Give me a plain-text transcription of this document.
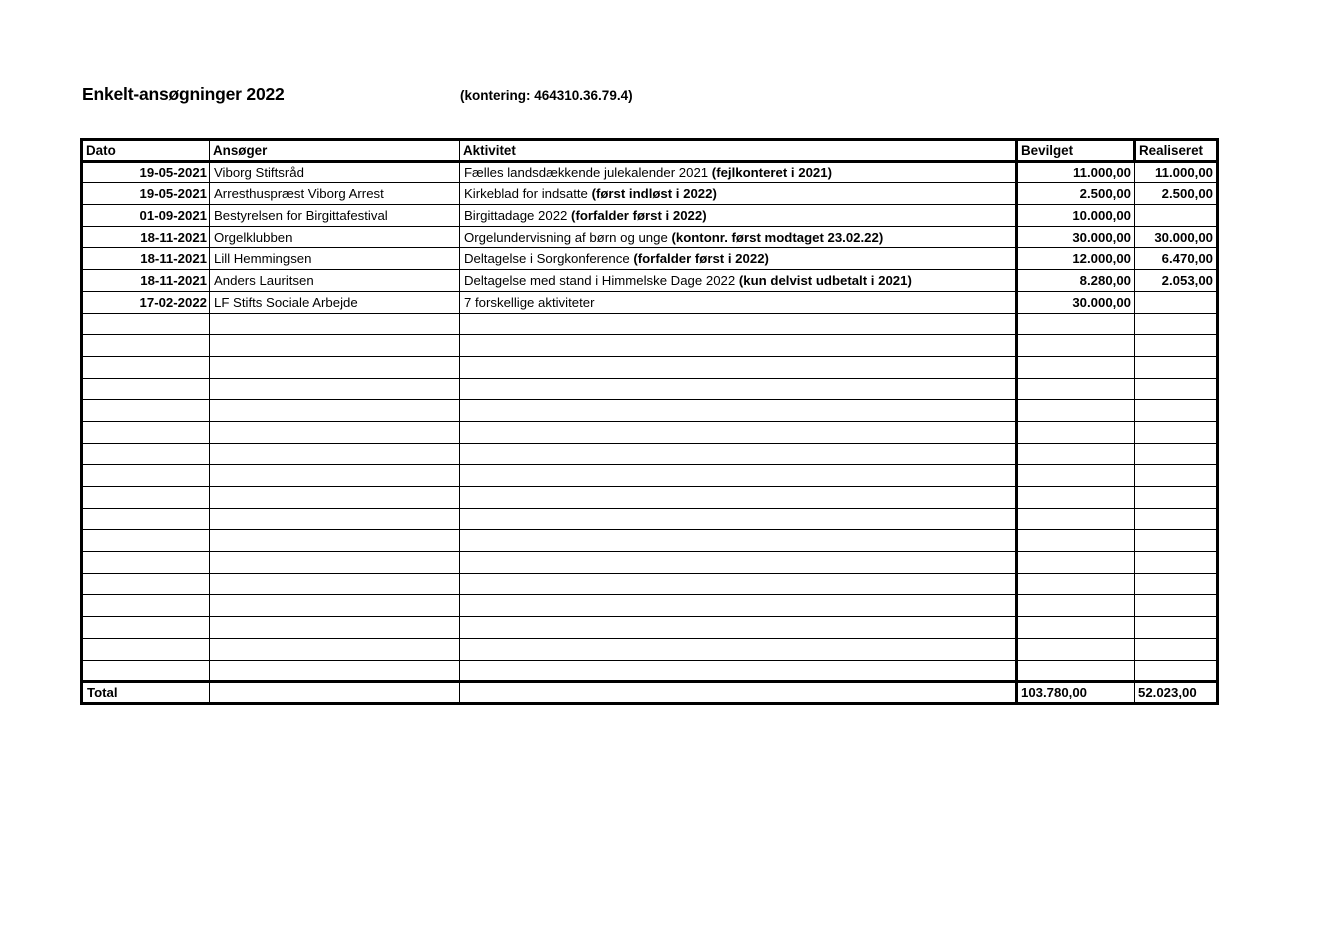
Enkelt-ansøgninger 2022	(kontering: 464310.36.79.4)
Dato	Ansøger	Aktivitet	Bevilget	Realiseret
19-05-2021	Viborg Stiftsråd	Fælles landsdækkende julekalender 2021 (fejlkonteret i 2021)	11.000,00	11.000,00
19-05-2021	Arresthuspræst Viborg Arrest	Kirkeblad for indsatte (først indløst i 2022)	2.500,00	2.500,00
01-09-2021	Bestyrelsen for Birgittafestival	Birgittadage 2022 (forfalder først i 2022)	10.000,00	
18-11-2021	Orgelklubben	Orgelundervisning af børn og unge (kontonr. først modtaget 23.02.22)	30.000,00	30.000,00
18-11-2021	Lill Hemmingsen	Deltagelse i Sorgkonference (forfalder først i 2022)	12.000,00	6.470,00
18-11-2021	Anders Lauritsen	Deltagelse med stand i Himmelske Dage 2022 (kun delvist udbetalt i 2021)	8.280,00	2.053,00
17-02-2022	LF Stifts Sociale Arbejde	7 forskellige aktiviteter	30.000,00	

Total			103.780,00	52.023,00
